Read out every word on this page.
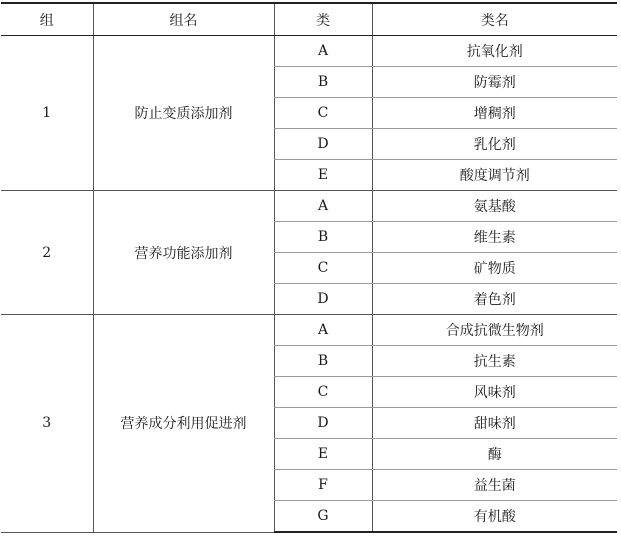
组	组名	类	类名
1	防止变质添加剂	A	抗氧化剂
		B	防霉剂
		C	增稠剂
		D	乳化剂
		E	酸度调节剂
2	营养功能添加剂	A	氨基酸
		B	维生素
		C	矿物质
		D	着色剂
3	营养成分利用促进剂	A	合成抗微生物剂
		B	抗生素
		C	风味剂
		D	甜味剂
		E	酶
		F	益生菌
		G	有机酸
